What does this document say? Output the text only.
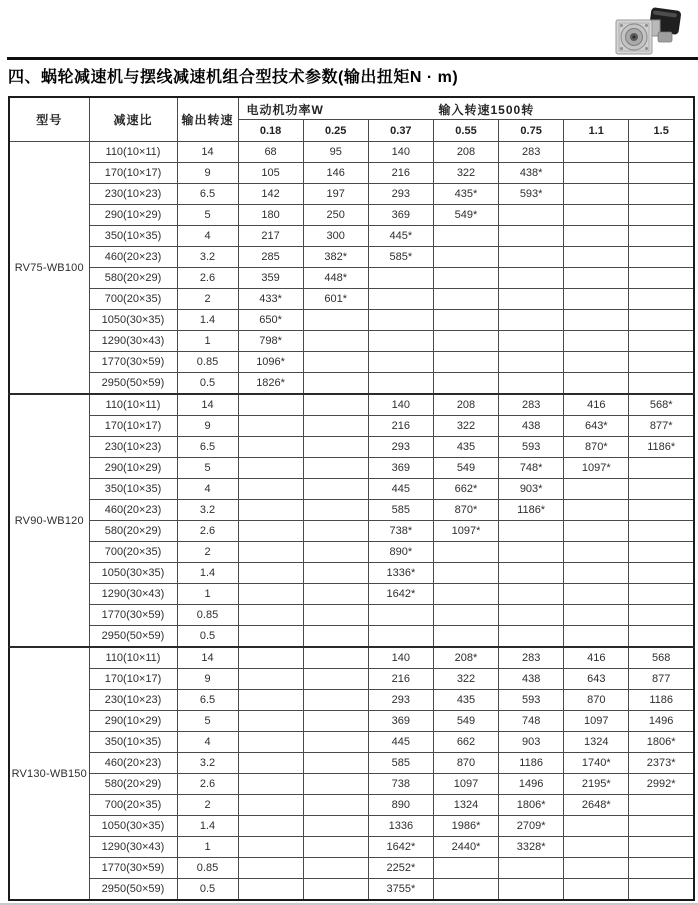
四、蜗轮减速机与摆线减速机组合型技术参数(输出扭矩N · m)
型号	减速比	输出转速	电动机功率W 输入转速1500转						

			0.18	0.25	0.37	0.55	0.75	1.1	1.5
RV75-WB100	110(10×11)	14	68	95	140	208	283		
	170(10×17)	9	105	146	216	322	438*		
	230(10×23)	6.5	142	197	293	435*	593*		
	290(10×29)	5	180	250	369	549*			
	350(10×35)	4	217	300	445*				
	460(20×23)	3.2	285	382*	585*				
	580(20×29)	2.6	359	448*					
	700(20×35)	2	433*	601*					
	1050(30×35)	1.4	650*						
	1290(30×43)	1	798*						
	1770(30×59)	0.85	1096*						
	2950(50×59)	0.5	1826*						
RV90-WB120	110(10×11)	14			140	208	283	416	568*
	170(10×17)	9			216	322	438	643*	877*
	230(10×23)	6.5			293	435	593	870*	1186*
	290(10×29)	5			369	549	748*	1097*	
	350(10×35)	4			445	662*	903*		
	460(20×23)	3.2			585	870*	1186*		
	580(20×29)	2.6			738*	1097*			
	700(20×35)	2			890*				
	1050(30×35)	1.4			1336*				
	1290(30×43)	1			1642*				
	1770(30×59)	0.85							
	2950(50×59)	0.5							
RV130-WB150	110(10×11)	14			140	208*	283	416	568
	170(10×17)	9			216	322	438	643	877
	230(10×23)	6.5			293	435	593	870	1186
	290(10×29)	5			369	549	748	1097	1496
	350(10×35)	4			445	662	903	1324	1806*
	460(20×23)	3.2			585	870	1186	1740*	2373*
	580(20×29)	2.6			738	1097	1496	2195*	2992*
	700(20×35)	2			890	1324	1806*	2648*	
	1050(30×35)	1.4			1336	1986*	2709*		
	1290(30×43)	1			1642*	2440*	3328*		
	1770(30×59)	0.85			2252*				
	2950(50×59)	0.5			3755*				
